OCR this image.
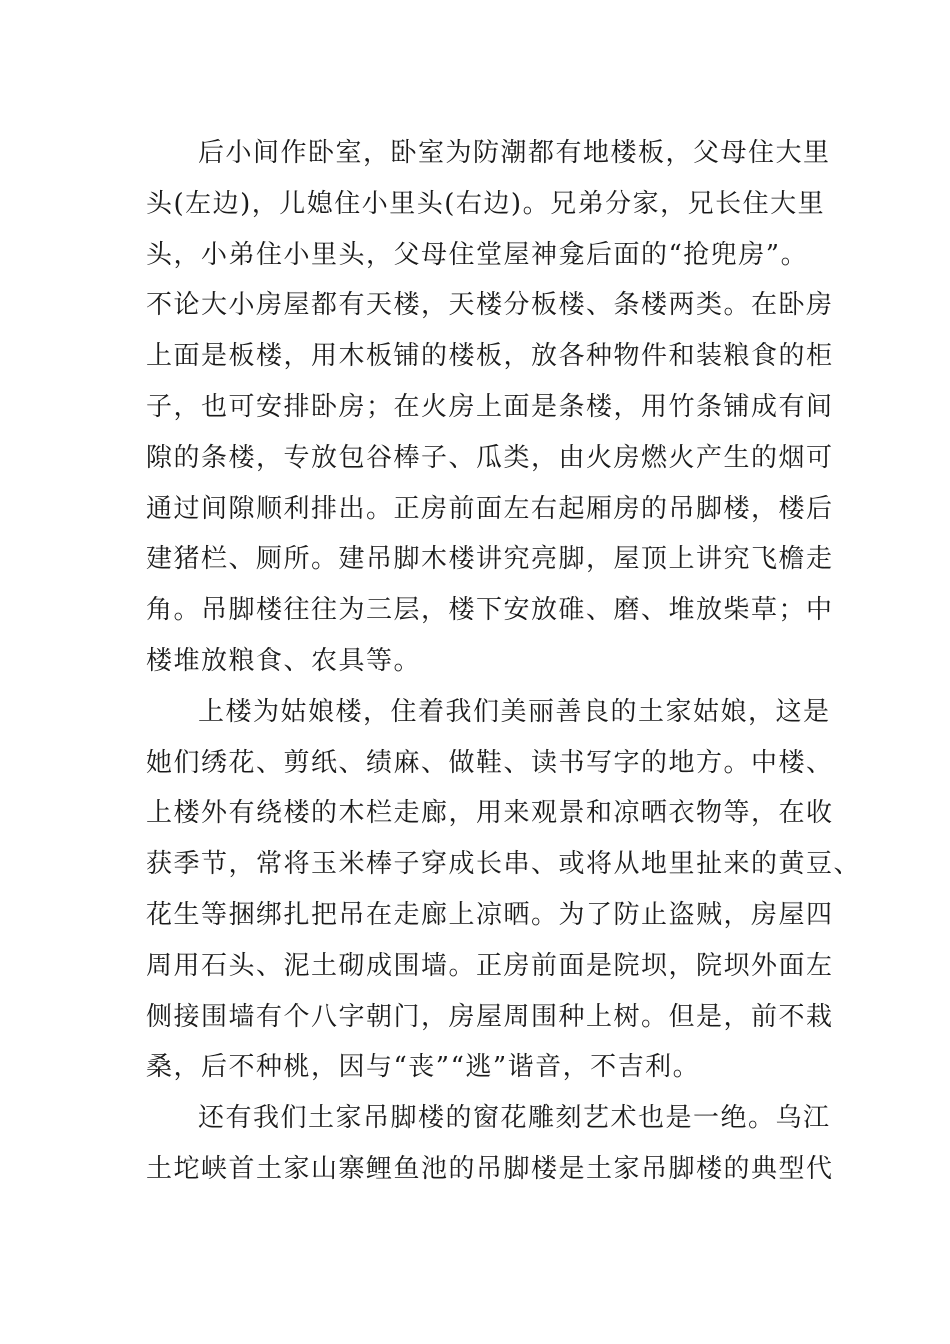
后小间作卧室，卧室为防潮都有地楼板，父母住大里
头(左边)，儿媳住小里头(右边)。兄弟分家，兄长住大里
头，小弟住小里头，父母住堂屋神龛后面的“抢兜房”。
不论大小房屋都有天楼，天楼分板楼、条楼两类。在卧房
上面是板楼，用木板铺的楼板，放各种物件和装粮食的柜
子，也可安排卧房；在火房上面是条楼，用竹条铺成有间
隙的条楼，专放包谷棒子、瓜类，由火房燃火产生的烟可
通过间隙顺利排出。正房前面左右起厢房的吊脚楼，楼后
建猪栏、厕所。建吊脚木楼讲究亮脚，屋顶上讲究飞檐走
角。吊脚楼往往为三层，楼下安放碓、磨、堆放柴草；中
楼堆放粮食、农具等。
上楼为姑娘楼，住着我们美丽善良的土家姑娘，这是
她们绣花、剪纸、绩麻、做鞋、读书写字的地方。中楼、
上楼外有绕楼的木栏走廊，用来观景和凉晒衣物等，在收
获季节，常将玉米棒子穿成长串、或将从地里扯来的黄豆、
花生等捆绑扎把吊在走廊上凉晒。为了防止盗贼，房屋四
周用石头、泥土砌成围墙。正房前面是院坝，院坝外面左
侧接围墙有个八字朝门，房屋周围种上树。但是，前不栽
桑，后不种桃，因与“丧”“逃”谐音，不吉利。
还有我们土家吊脚楼的窗花雕刻艺术也是一绝。乌江
土坨峡首土家山寨鲤鱼池的吊脚楼是土家吊脚楼的典型代
